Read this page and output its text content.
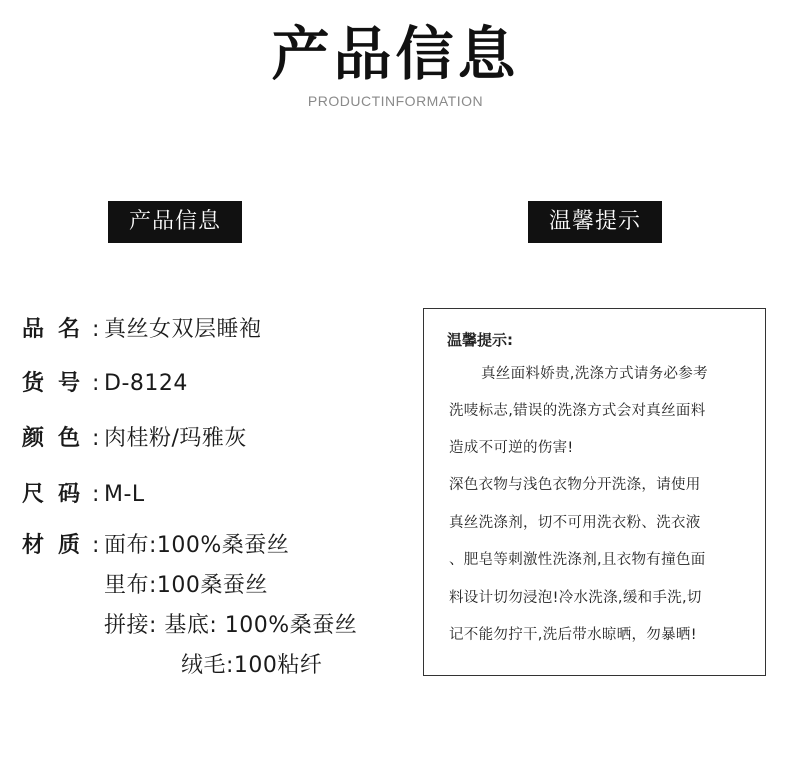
产品信息
PRODUCTINFORMATION
产品信息	温馨提示
品 名 : 真丝女双层睡袍
货 号 : D-8124
颜 色 : 肉桂粉/玛雅灰
尺 码 : M-L
材 质 : 面布:100%桑蚕丝
里布:100桑蚕丝
拼接: 基底: 100%桑蚕丝
绒毛:100粘纤
温馨提示:
真丝面料娇贵,洗涤方式请务必参考
洗唛标志,错误的洗涤方式会对真丝面料
造成不可逆的伤害!
深色衣物与浅色衣物分开洗涤，请使用
真丝洗涤剂，切不可用洗衣粉、洗衣液
、肥皂等刺激性洗涤剂,且衣物有撞色面
料设计切勿浸泡!冷水洗涤,缓和手洗,切
记不能勿拧干,洗后带水晾晒，勿暴晒!
